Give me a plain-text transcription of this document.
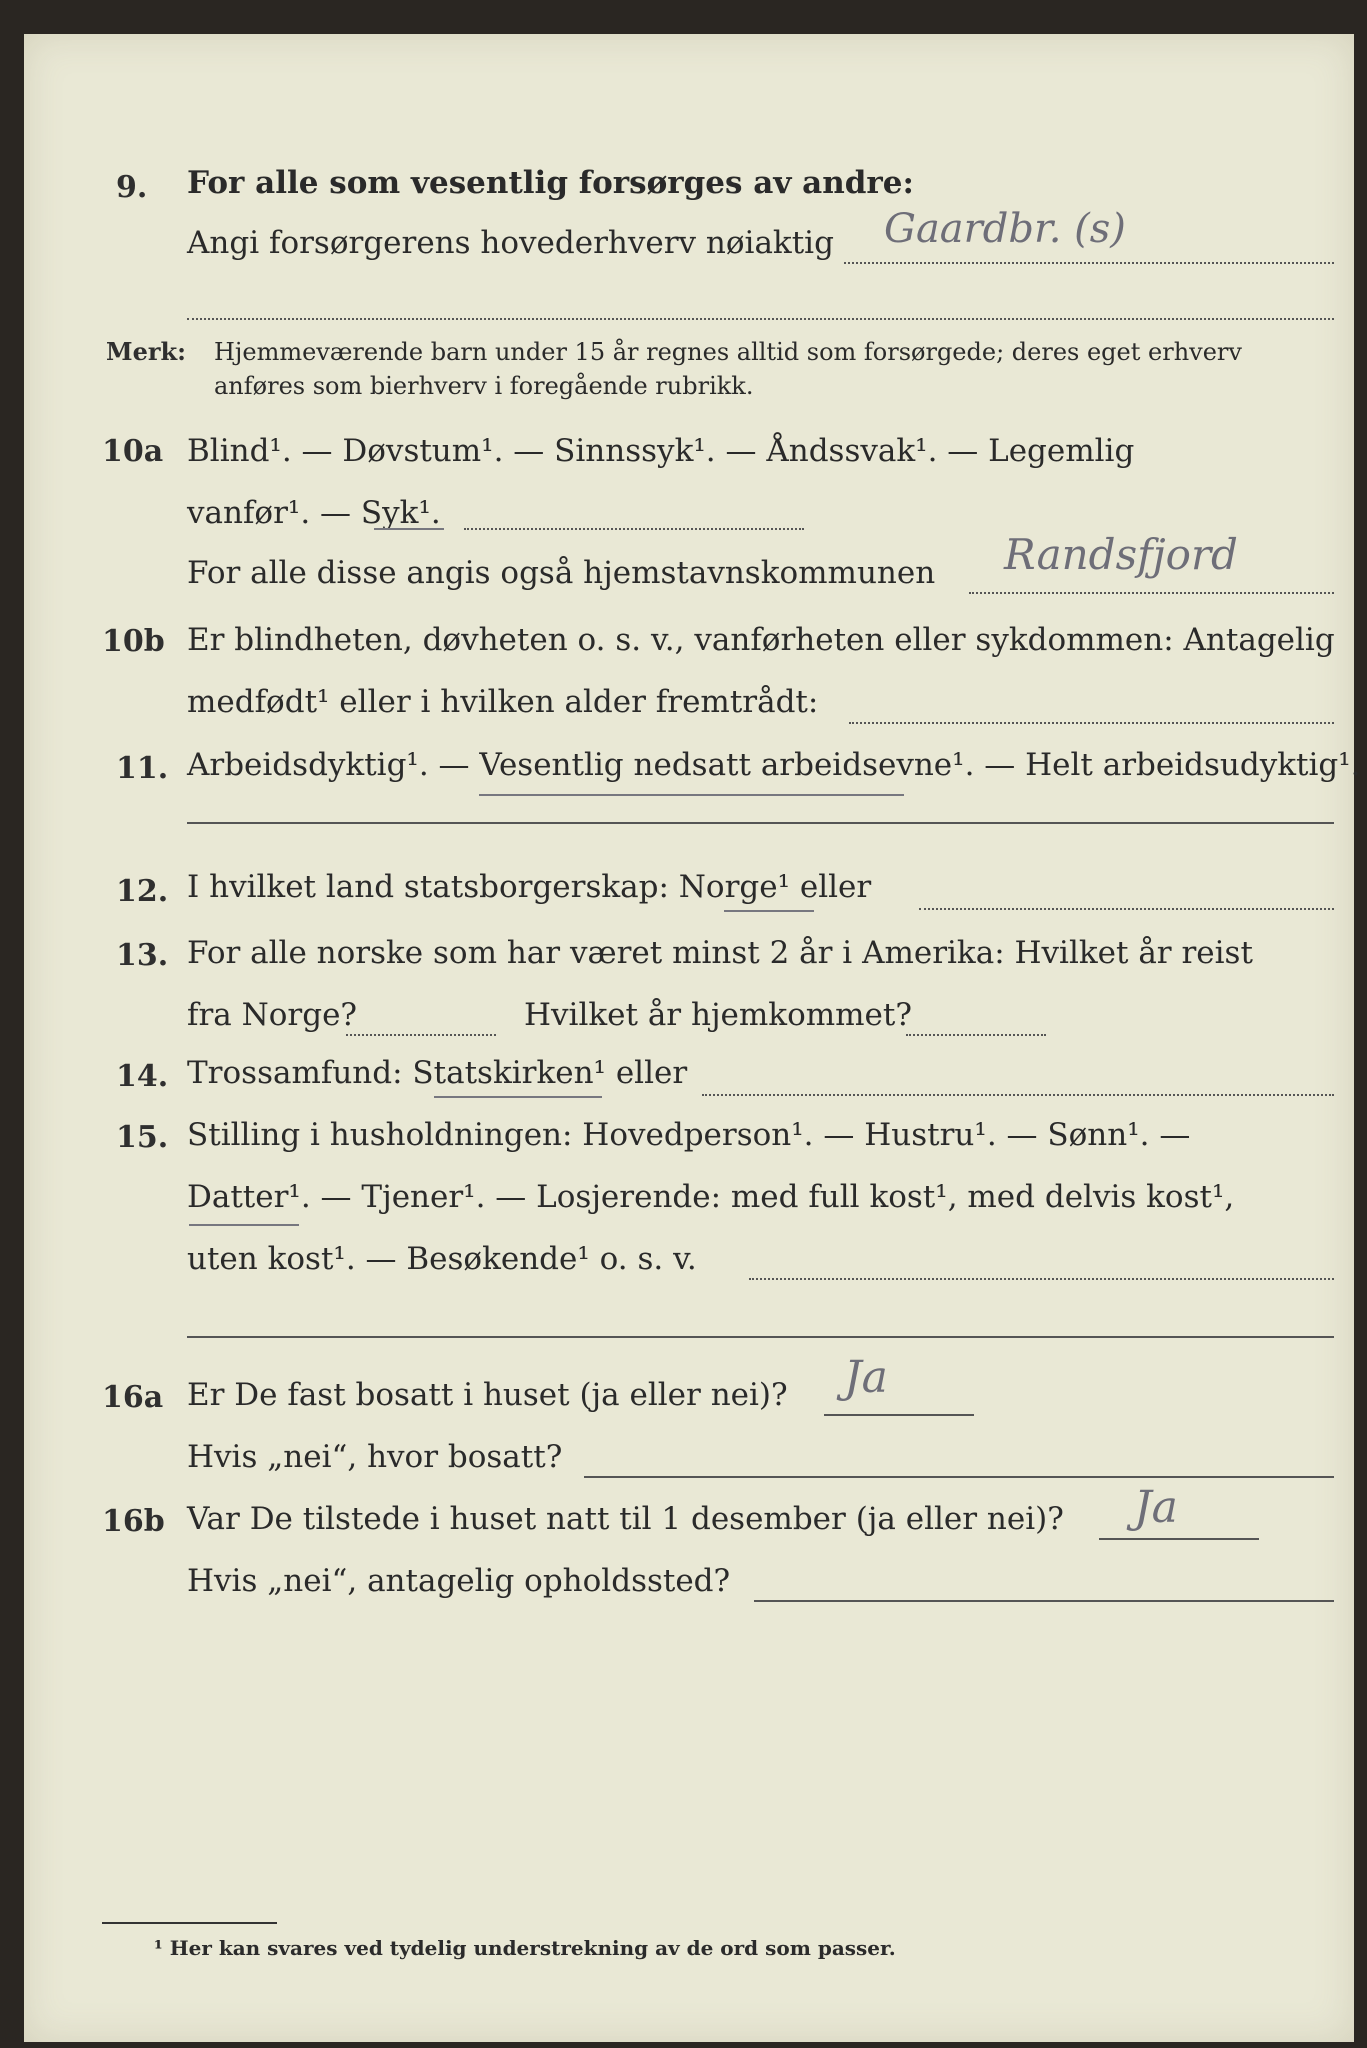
9. For alle som vesentlig forsørges av andre:
Angi forsørgerens hovederhverv nøiaktig Gaardbr. (s)
Merk: Hjemmeværende barn under 15 år regnes alltid som forsørgede; deres eget erhverv
anføres som bierhverv i foregående rubrikk.
10a Blind¹. — Døvstum¹. — Sinnssyk¹. — Åndssvak¹. — Legemlig
vanfør¹. — Syk¹.
For alle disse angis også hjemstavnskommunen Randsfjord
10b Er blindheten, døvheten o. s. v., vanførheten eller sykdommen: Antagelig
medfødt¹ eller i hvilken alder fremtrådt:
11. Arbeidsdyktig¹. — Vesentlig nedsatt arbeidsevne¹. — Helt arbeidsudyktig¹.
12. I hvilket land statsborgerskap: Norge¹ eller
13. For alle norske som har været minst 2 år i Amerika: Hvilket år reist
fra Norge?	Hvilket år hjemkommet?
14. Trossamfund: Statskirken¹ eller
15. Stilling i husholdningen: Hovedperson¹. — Hustru¹. — Sønn¹. —
Datter¹. — Tjener¹. — Losjerende: med full kost¹, med delvis kost¹,
uten kost¹. — Besøkende¹ o. s. v.
16a Er De fast bosatt i huset (ja eller nei)? Ja
Hvis „nei“, hvor bosatt?
16b Var De tilstede i huset natt til 1 desember (ja eller nei)? Ja
Hvis „nei“, antagelig opholdssted?
¹ Her kan svares ved tydelig understrekning av de ord som passer.
